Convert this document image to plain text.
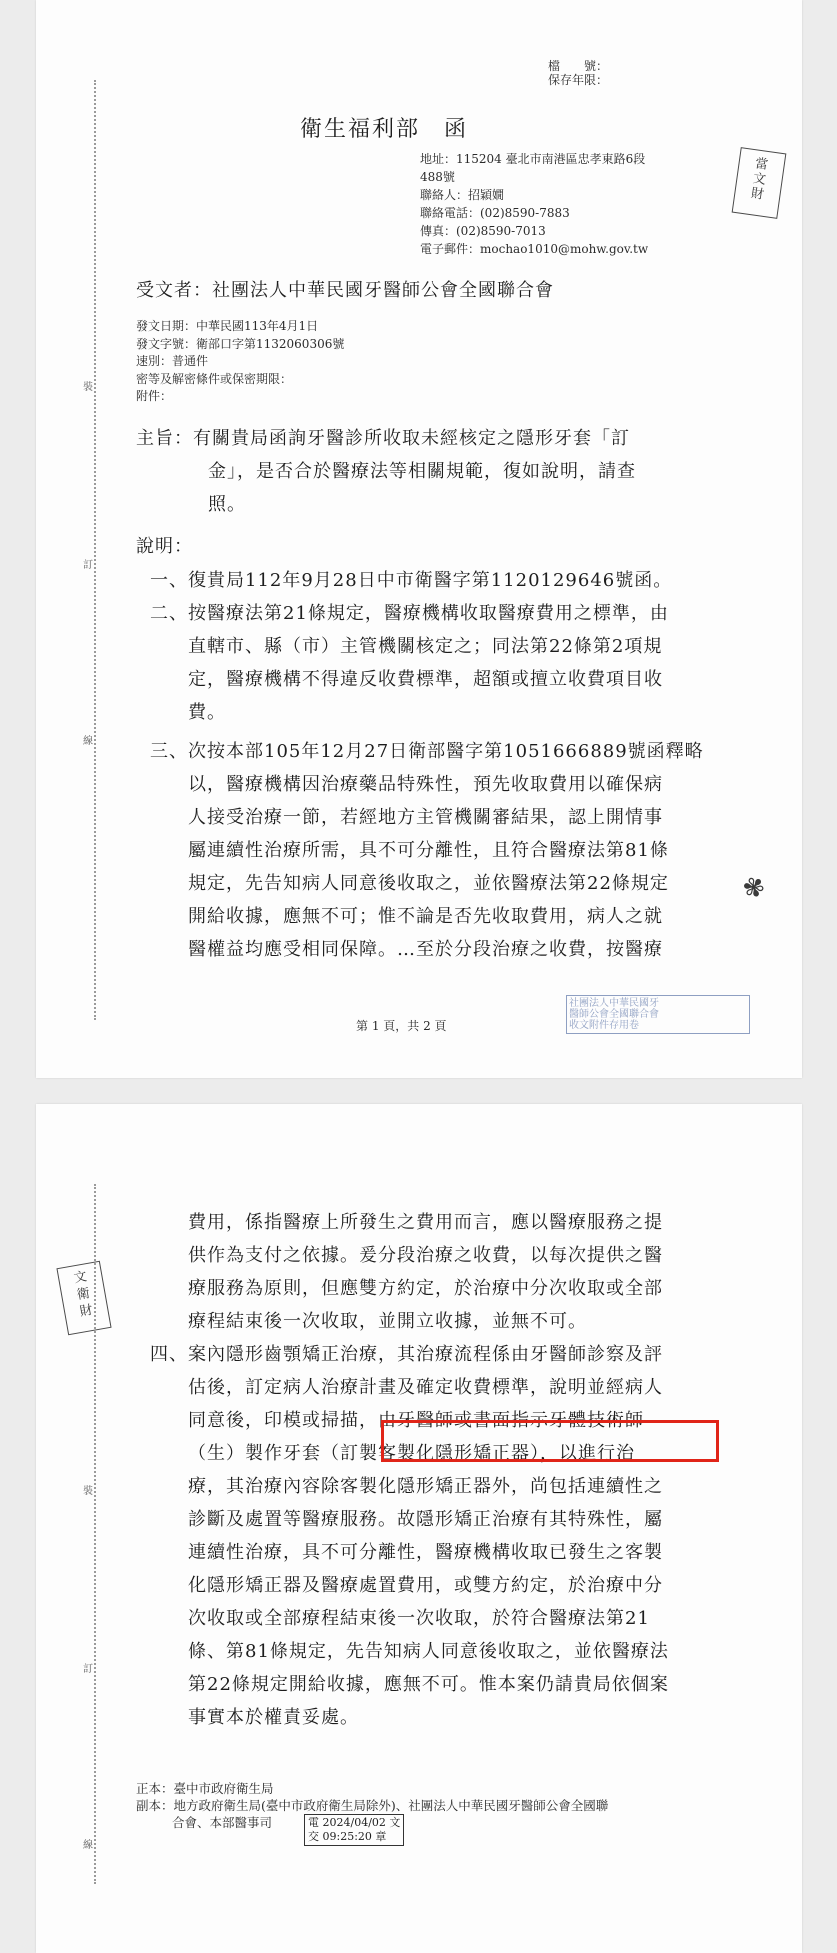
檔　　號：
保存年限：
衛生福利部　函
地址：115204 臺北市南港區忠孝東路6段
488號
聯絡人：招穎嫺
聯絡電話：(02)8590-7883
傳真：(02)8590-7013
電子郵件：mochao1010@mohw.gov.tw
當
文
財
受文者：社團法人中華民國牙醫師公會全國聯合會
發文日期：中華民國113年4月1日
發文字號：衛部口字第1132060306號
速別：普通件
密等及解密條件或保密期限：
附件：
裝
訂
線
主旨：有關貴局函詢牙醫診所收取未經核定之隱形牙套「訂
金」，是否合於醫療法等相關規範，復如說明，請查
照。
說明：
一、復貴局112年9月28日中市衛醫字第1120129646號函。
二、按醫療法第21條規定，醫療機構收取醫療費用之標準，由
直轄市、縣（市）主管機關核定之；同法第22條第2項規
定，醫療機構不得違反收費標準，超額或擅立收費項目收
費。
三、次按本部105年12月27日衛部醫字第1051666889號函釋略
以，醫療機構因治療藥品特殊性，預先收取費用以確保病
人接受治療一節，若經地方主管機關審結果，認上開情事
屬連續性治療所需，具不可分離性，且符合醫療法第81條
規定，先告知病人同意後收取之，並依醫療法第22條規定
開給收據，應無不可；惟不論是否先收取費用，病人之就
醫權益均應受相同保障。…至於分段治療之收費，按醫療
✾
第 1 頁，共 2 頁
社團法人中華民國牙
醫師公會全國聯合會
收文附件存用卷
裝
訂
線
文
衛
財
費用，係指醫療上所發生之費用而言，應以醫療服務之提
供作為支付之依據。爰分段治療之收費，以每次提供之醫
療服務為原則，但應雙方約定，於治療中分次收取或全部
療程結束後一次收取，並開立收據，並無不可。
四、案內隱形齒顎矯正治療，其治療流程係由牙醫師診察及評
估後，訂定病人治療計畫及確定收費標準，說明並經病人
同意後，印模或掃描，由牙醫師或書面指示牙體技術師
（生）製作牙套（訂製客製化隱形矯正器），以進行治
療，其治療內容除客製化隱形矯正器外，尚包括連續性之
診斷及處置等醫療服務。故隱形矯正治療有其特殊性，屬
連續性治療，具不可分離性，醫療機構收取已發生之客製
化隱形矯正器及醫療處置費用，或雙方約定，於治療中分
次收取或全部療程結束後一次收取，於符合醫療法第21
條、第81條規定，先告知病人同意後收取之，並依醫療法
第22條規定開給收據，應無不可。惟本案仍請貴局依個案
事實本於權責妥處。
正本：臺中市政府衛生局
副本：地方政府衛生局(臺中市政府衛生局除外)、社團法人中華民國牙醫師公會全國聯
合會、本部醫事司	電 2024/04/02 文
交 09:25:20 章
